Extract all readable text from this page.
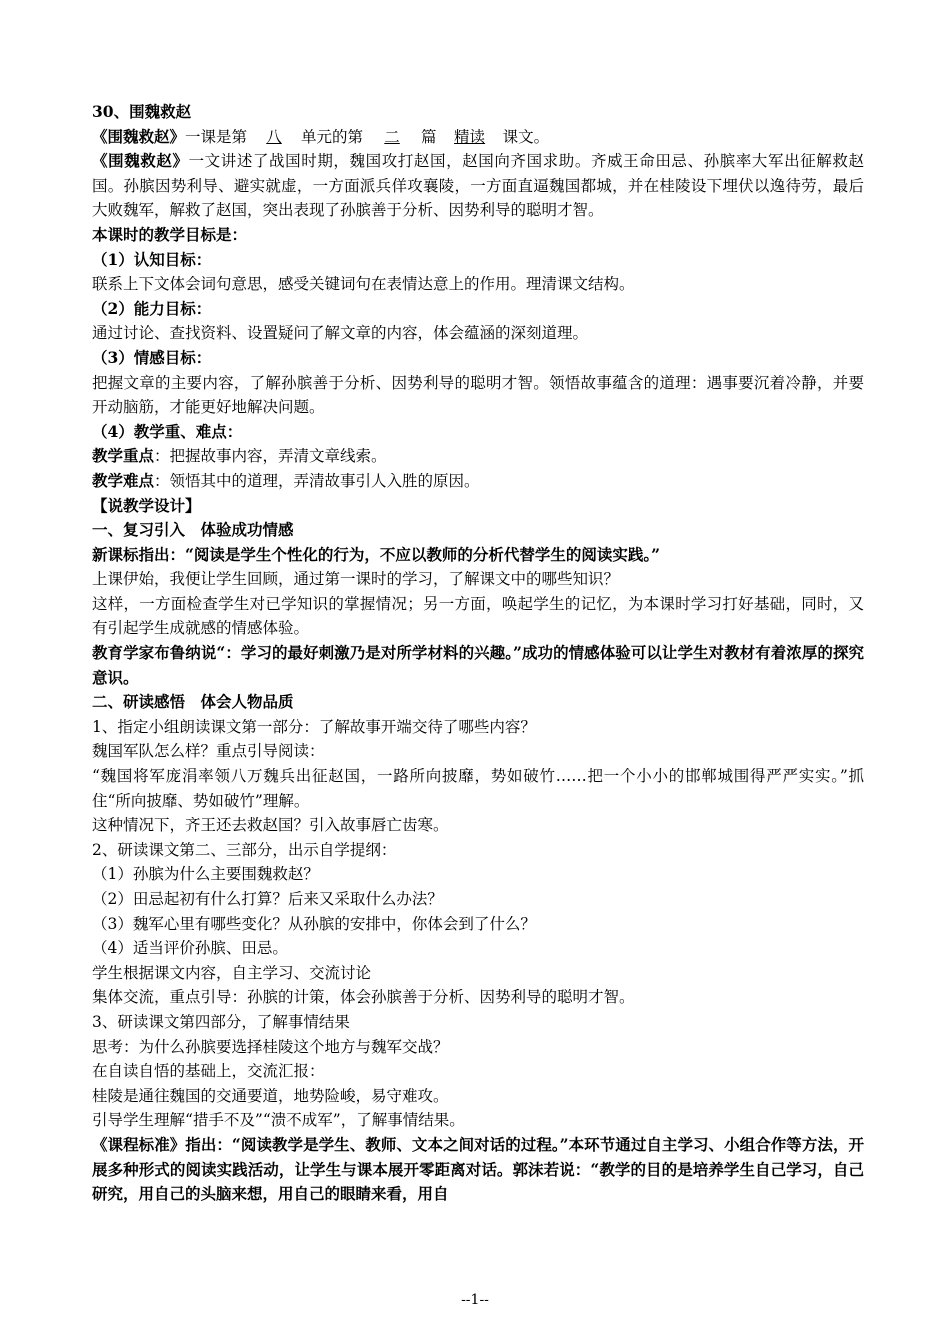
30、围魏救赵

《围魏救赵》一课是第 八 单元的第 二 篇 精读 课文。

《围魏救赵》一文讲述了战国时期，魏国攻打赵国，赵国向齐国求助。齐威王命田忌、孙膑率大军出征解救赵国。孙膑因势利导、避实就虚，一方面派兵佯攻襄陵，一方面直逼魏国都城，并在桂陵设下埋伏以逸待劳，最后大败魏军，解救了赵国，突出表现了孙膑善于分析、因势利导的聪明才智。

本课时的教学目标是：

（1）认知目标：

联系上下文体会词句意思，感受关键词句在表情达意上的作用。理清课文结构。

（2）能力目标：

通过讨论、查找资料、设置疑问了解文章的内容，体会蕴涵的深刻道理。

（3）情感目标：

把握文章的主要内容，了解孙膑善于分析、因势利导的聪明才智。领悟故事蕴含的道理：遇事要沉着冷静，并要开动脑筋，才能更好地解决问题。

（4）教学重、难点：

教学重点：把握故事内容，弄清文章线索。

教学难点：领悟其中的道理，弄清故事引人入胜的原因。

【说教学设计】

一、复习引入　体验成功情感

新课标指出：“阅读是学生个性化的行为，不应以教师的分析代替学生的阅读实践。”

上课伊始，我便让学生回顾，通过第一课时的学习，了解课文中的哪些知识？

这样，一方面检查学生对已学知识的掌握情况；另一方面，唤起学生的记忆，为本课时学习打好基础，同时，又有引起学生成就感的情感体验。

教育学家布鲁纳说“：学习的最好刺激乃是对所学材料的兴趣。”成功的情感体验可以让学生对教材有着浓厚的探究意识。

二、研读感悟　体会人物品质

1、指定小组朗读课文第一部分：了解故事开端交待了哪些内容？

魏国军队怎么样？重点引导阅读：

“魏国将军庞涓率领八万魏兵出征赵国，一路所向披靡，势如破竹……把一个小小的邯郸城围得严严实实。”抓住“所向披靡、势如破竹”理解。

这种情况下，齐王还去救赵国？引入故事唇亡齿寒。

2、研读课文第二、三部分，出示自学提纲：

（1）孙膑为什么主要围魏救赵？

（2）田忌起初有什么打算？后来又采取什么办法？

（3）魏军心里有哪些变化？从孙膑的安排中，你体会到了什么？

（4）适当评价孙膑、田忌。

学生根据课文内容，自主学习、交流讨论

集体交流，重点引导：孙膑的计策，体会孙膑善于分析、因势利导的聪明才智。

3、研读课文第四部分，了解事情结果

思考：为什么孙膑要选择桂陵这个地方与魏军交战？

在自读自悟的基础上，交流汇报：

桂陵是通往魏国的交通要道，地势险峻，易守难攻。

引导学生理解“措手不及”“溃不成军”，了解事情结果。

《课程标准》指出：“阅读教学是学生、教师、文本之间对话的过程。”本环节通过自主学习、小组合作等方法，开展多种形式的阅读实践活动，让学生与课本展开零距离对话。郭沫若说：“教学的目的是培养学生自己学习，自己研究，用自己的头脑来想，用自己的眼睛来看，用自

--1--
